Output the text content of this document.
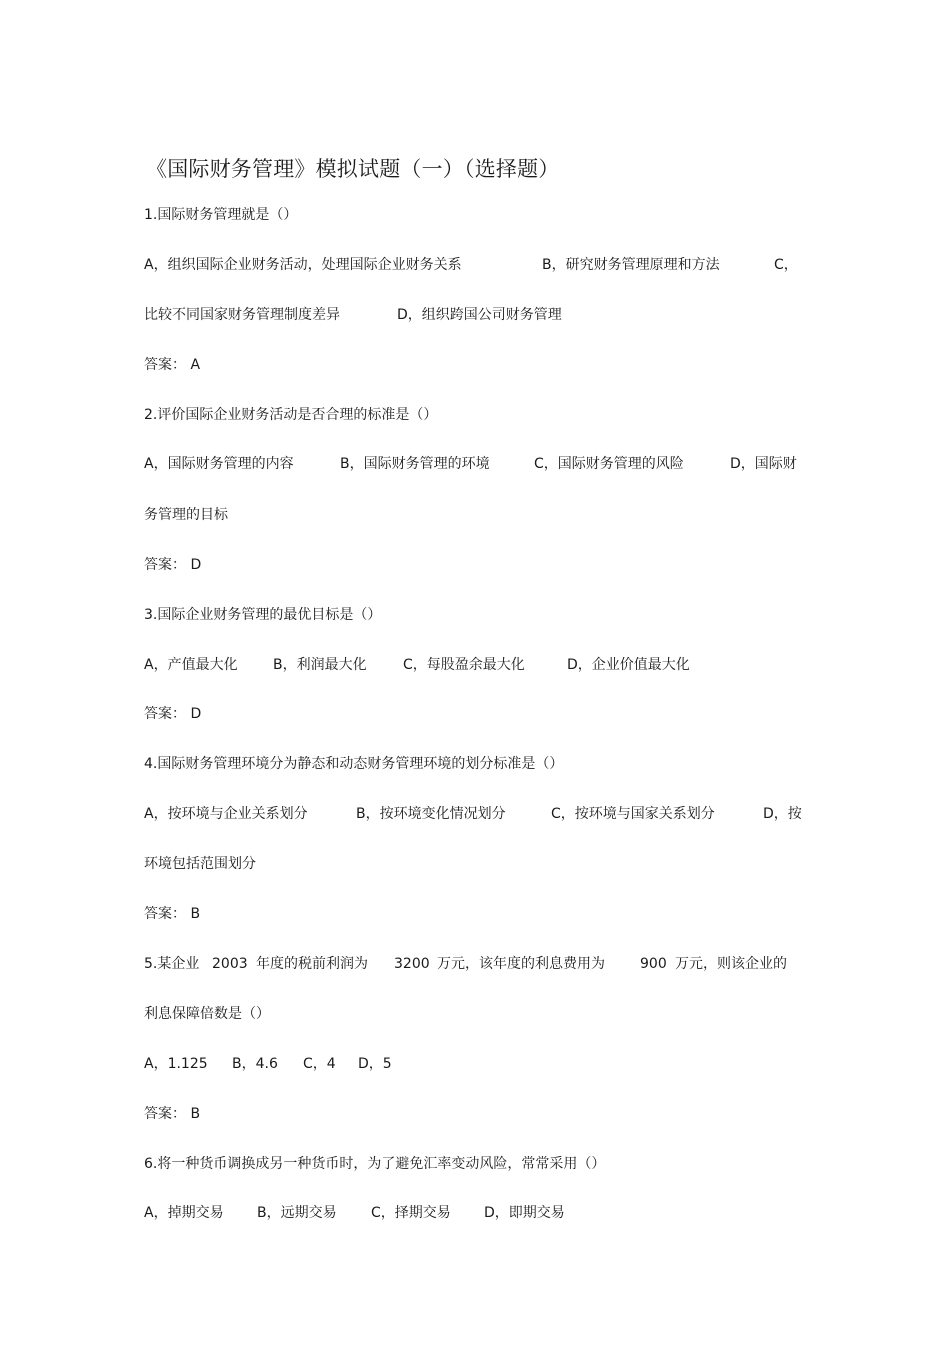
《国际财务管理》模拟试题（一）（选择题）
1.国际财务管理就是（）
A，组织国际企业财务活动，处理国际企业财务关系	B，研究财务管理原理和方法	C，
比较不同国家财务管理制度差异	D，组织跨国公司财务管理
答案： A
2.评价国际企业财务活动是否合理的标准是（）
A，国际财务管理的内容	B，国际财务管理的环境	C，国际财务管理的风险	D，国际财
务管理的目标
答案： D
3.国际企业财务管理的最优目标是（）
A，产值最大化	B，利润最大化	C，每股盈余最大化	D，企业价值最大化
答案： D
4.国际财务管理环境分为静态和动态财务管理环境的划分标准是（）
A，按环境与企业关系划分	B，按环境变化情况划分	C，按环境与国家关系划分	D，按
环境包括范围划分
答案： B
5.某企业 2003 年度的税前利润为 3200 万元，该年度的利息费用为	900 万元，则该企业的
利息保障倍数是（）
A，1.125 B，4.6 C，4 D，5
答案： B
6.将一种货币调换成另一种货币时，为了避免汇率变动风险，常常采用（）
A，掉期交易 B，远期交易 C，择期交易 D，即期交易
